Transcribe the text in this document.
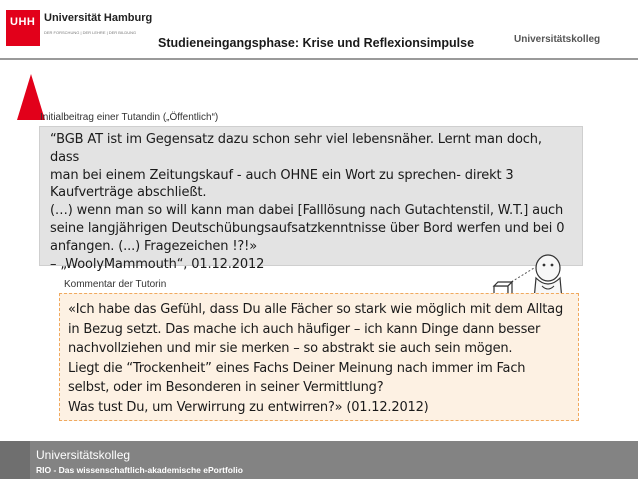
UHH Universität Hamburg
DER FORSCHUNG | DER LEHRE | DER BILDUNG
Studieneingangsphase: Krise und Reflexionsimpulse	Universitätskolleg
Initialbeitrag einer Tutandin („Öffentlich“)
“BGB AT ist im Gegensatz dazu schon sehr viel lebensnäher. Lernt man doch, dass
man bei einem Zeitungskauf - auch OHNE ein Wort zu sprechen- direkt 3
Kaufverträge abschließt.
(…) wenn man so will kann man dabei [Falllösung nach Gutachtenstil, W.T.] auch
seine langjährigen Deutschübungsaufsatzkenntnisse über Bord werfen und bei 0
anfangen. (...) Fragezeichen !?!»
– „WoolyMammouth“, 01.12.2012
Kommentar der Tutorin
«Ich habe das Gefühl, dass Du alle Fächer so stark wie möglich mit dem Alltag
in Bezug setzt. Das mache ich auch häufiger – ich kann Dinge dann besser
nachvollziehen und mir sie merken – so abstrakt sie auch sein mögen.
Liegt die “Trockenheit” eines Fachs Deiner Meinung nach immer im Fach
selbst, oder im Besonderen in seiner Vermittlung?
Was tust Du, um Verwirrung zu entwirren?» (01.12.2012)
Universitätskolleg
RIO - Das wissenschaftlich-akademische ePortfolio
